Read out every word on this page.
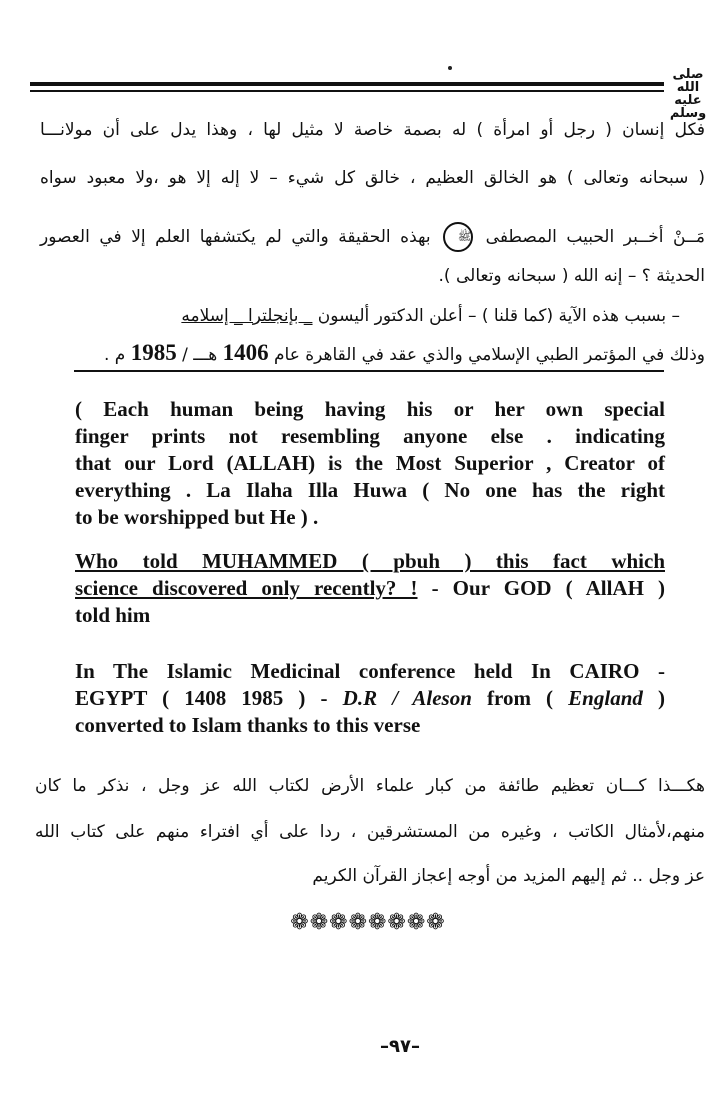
صلى الله عليه وسلم
فكل إنسان ( رجل أو امرأة ) له بصمة خاصة لا مثيل لها ، وهذا يدل على أن مولانـــا
( سبحانه وتعالى ) هو الخالق العظيم ، خالق كل شيء – لا إله إلا هو ،ولا معبود سواه
مَــنْ أخــبر الحبيب المصطفى ﷺ بهذه الحقيقة والتي لم يكتشفها العلم إلا في العصور
الحديثة ؟ – إنه الله ( سبحانه وتعالى ).
– بسبب هذه الآية (كما قلنا ) – أعلن الدكتور أليسون _ بإنجلترا _ إسلامه
وذلك في المؤتمر الطبي الإسلامي والذي عقد في القاهرة عام 1406 هـــ / 1985 م .
( Each human being having his or her own special
finger prints not resembling anyone else . indicating
that our Lord (ALLAH) is the Most Superior , Creator of
everything . La Ilaha Illa Huwa ( No one has the right
to be worshipped but He ) .
Who told MUHAMMED ( pbuh ) this fact which
science discovered only recently? ! - Our GOD ( AllAH )
told him
In The Islamic Medicinal conference held In CAIRO -
EGYPT ( 1408 1985 ) - D.R / Aleson from ( England )
converted to Islam thanks to this verse
هكـــذا كـــان تعظيم طائفة من كبار علماء الأرض لكتاب الله عز وجل ، نذكر ما كان
منهم،لأمثال الكاتب ، وغيره من المستشرقين ، ردا على أي افتراء منهم على كتاب الله
عز وجل .. ثم إليهم المزيد من أوجه إعجاز القرآن الكريم
❁❁❁❁❁❁❁❁
–٩٧–
